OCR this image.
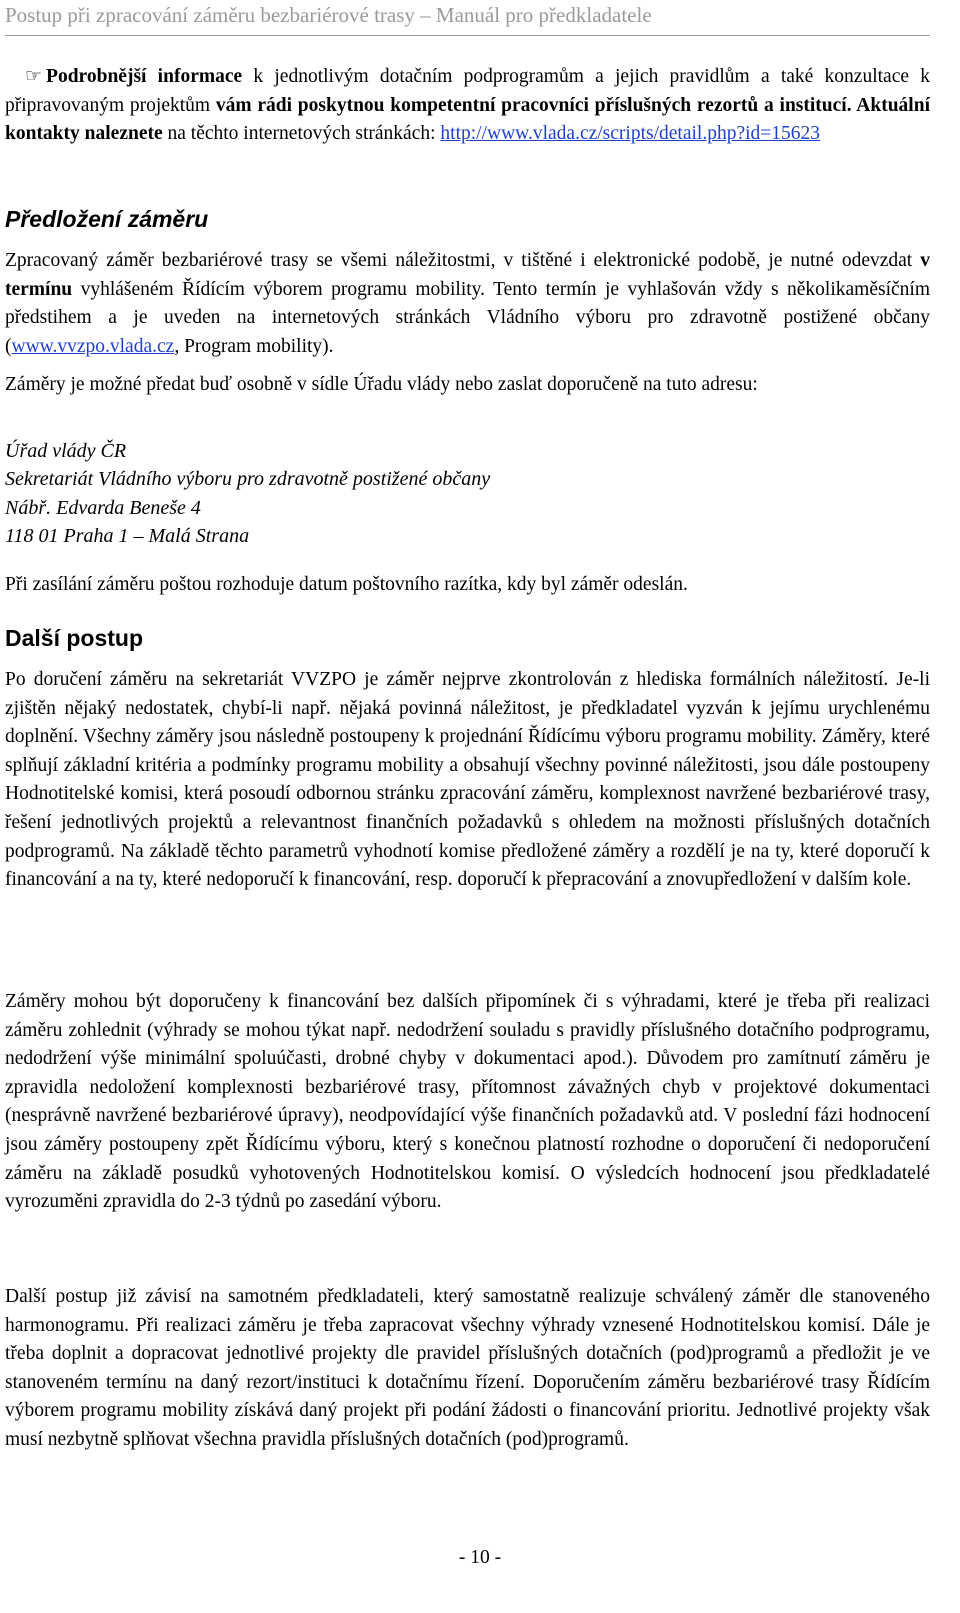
Postup při zpracování záměru bezbariérové trasy – Manuál pro předkladatele

☞ Podrobnější informace k jednotlivým dotačním podprogramům a jejich pravidlům a také konzultace k připravovaným projektům vám rádi poskytnou kompetentní pracovníci příslušných rezortů a institucí. Aktuální kontakty naleznete na těchto internetových stránkách: http://www.vlada.cz/scripts/detail.php?id=15623

Předložení záměru

Zpracovaný záměr bezbariérové trasy se všemi náležitostmi, v tištěné i elektronické podobě, je nutné odevzdat v termínu vyhlášeném Řídícím výborem programu mobility. Tento termín je vyhlašován vždy s několikaměsíčním předstihem a je uveden na internetových stránkách Vládního výboru pro zdravotně postižené občany (www.vvzpo.vlada.cz, Program mobility).

Záměry je možné předat buď osobně v sídle Úřadu vlády nebo zaslat doporučeně na tuto adresu:

Úřad vlády ČR
Sekretariát Vládního výboru pro zdravotně postižené občany
Nábř. Edvarda Beneše 4
118 01 Praha 1 – Malá Strana

Při zasílání záměru poštou rozhoduje datum poštovního razítka, kdy byl záměr odeslán.

Další postup

Po doručení záměru na sekretariát VVZPO je záměr nejprve zkontrolován z hlediska formálních náležitostí. Je-li zjištěn nějaký nedostatek, chybí-li např. nějaká povinná náležitost, je předkladatel vyzván k jejímu urychlenému doplnění. Všechny záměry jsou následně postoupeny k projednání Řídícímu výboru programu mobility. Záměry, které splňují základní kritéria a podmínky programu mobility a obsahují všechny povinné náležitosti, jsou dále postoupeny Hodnotitelské komisi, která posoudí odbornou stránku zpracování záměru, komplexnost navržené bezbariérové trasy, řešení jednotlivých projektů a relevantnost finančních požadavků s ohledem na možnosti příslušných dotačních podprogramů. Na základě těchto parametrů vyhodnotí komise předložené záměry a rozdělí je na ty, které doporučí k financování a na ty, které nedoporučí k financování, resp. doporučí k přepracování a znovupředložení v dalším kole.

Záměry mohou být doporučeny k financování bez dalších připomínek či s výhradami, které je třeba při realizaci záměru zohlednit (výhrady se mohou týkat např. nedodržení souladu s pravidly příslušného dotačního podprogramu, nedodržení výše minimální spoluúčasti, drobné chyby v dokumentaci apod.). Důvodem pro zamítnutí záměru je zpravidla nedoložení komplexnosti bezbariérové trasy, přítomnost závažných chyb v projektové dokumentaci (nesprávně navržené bezbariérové úpravy), neodpovídající výše finančních požadavků atd. V poslední fázi hodnocení jsou záměry postoupeny zpět Řídícímu výboru, který s konečnou platností rozhodne o doporučení či nedoporučení záměru na základě posudků vyhotovených Hodnotitelskou komisí. O výsledcích hodnocení jsou předkladatelé vyrozuměni zpravidla do 2-3 týdnů po zasedání výboru.

Další postup již závisí na samotném předkladateli, který samostatně realizuje schválený záměr dle stanoveného harmonogramu. Při realizaci záměru je třeba zapracovat všechny výhrady vznesené Hodnotitelskou komisí. Dále je třeba doplnit a dopracovat jednotlivé projekty dle pravidel příslušných dotačních (pod)programů a předložit je ve stanoveném termínu na daný rezort/instituci k dotačnímu řízení. Doporučením záměru bezbariérové trasy Řídícím výborem programu mobility získává daný projekt při podání žádosti o financování prioritu. Jednotlivé projekty však musí nezbytně splňovat všechna pravidla příslušných dotačních (pod)programů.

- 10 -
